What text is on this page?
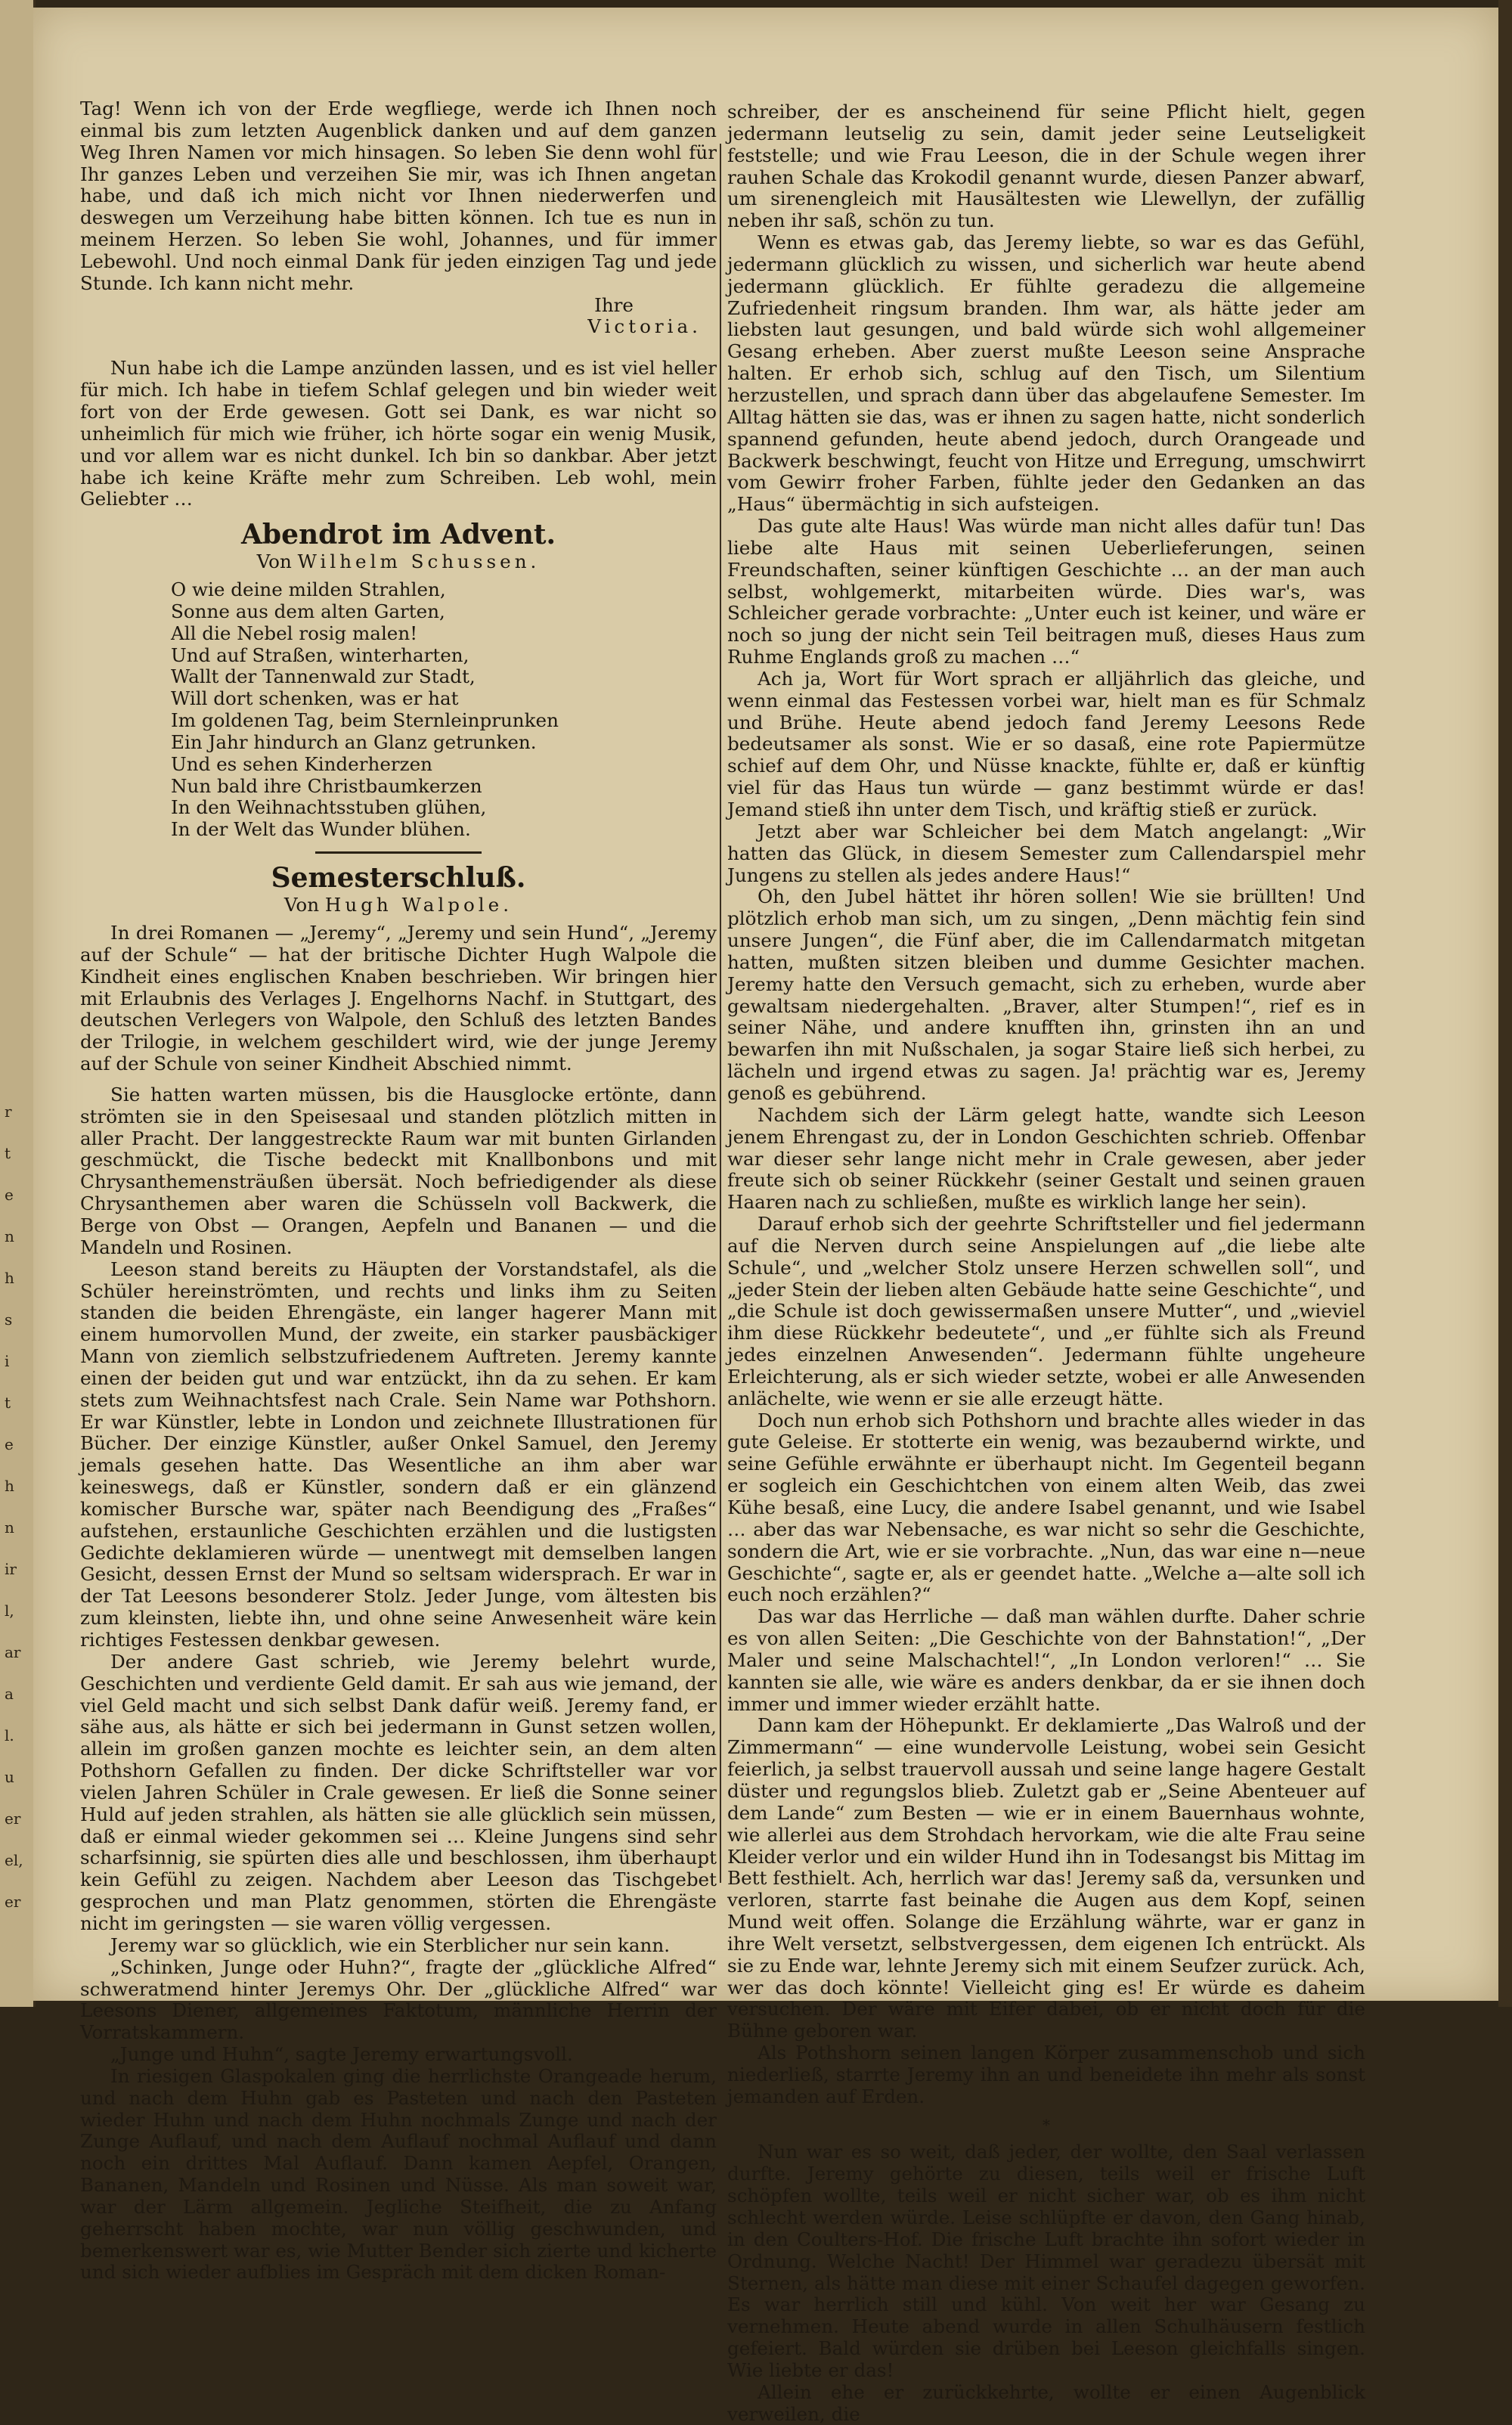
r
t
e
n
h
s
i
t
e
h
n
ir
l,
ar
a
l.
u
er
el,
er

Tag! Wenn ich von der Erde wegfliege, werde ich Ihnen noch einmal bis zum letzten Augenblick danken und auf dem ganzen Weg Ihren Namen vor mich hinsagen. So leben Sie denn wohl für Ihr ganzes Leben und verzeihen Sie mir, was ich Ihnen angetan habe, und daß ich mich nicht vor Ihnen niederwerfen und deswegen um Verzeihung habe bitten können. Ich tue es nun in meinem Herzen. So leben Sie wohl, Johannes, und für immer Lebewohl. Und noch einmal Dank für jeden einzigen Tag und jede Stunde. Ich kann nicht mehr.

Ihre
Victoria.

Nun habe ich die Lampe anzünden lassen, und es ist viel heller für mich. Ich habe in tiefem Schlaf gelegen und bin wieder weit fort von der Erde gewesen. Gott sei Dank, es war nicht so unheimlich für mich wie früher, ich hörte sogar ein wenig Musik, und vor allem war es nicht dunkel. Ich bin so dankbar. Aber jetzt habe ich keine Kräfte mehr zum Schreiben. Leb wohl, mein Geliebter …

Abendrot im Advent.
Von Wilhelm Schussen.
O wie deine milden Strahlen,
Sonne aus dem alten Garten,
All die Nebel rosig malen!
Und auf Straßen, winterharten,
Wallt der Tannenwald zur Stadt,
Will dort schenken, was er hat
Im goldenen Tag, beim Sternleinprunken
Ein Jahr hindurch an Glanz getrunken.
Und es sehen Kinderherzen
Nun bald ihre Christbaumkerzen
In den Weihnachtsstuben glühen,
In der Welt das Wunder blühen.
Semesterschluß.
Von Hugh Walpole.

In drei Romanen — „Jeremy“, „Jeremy und sein Hund“, „Jeremy auf der Schule“ — hat der britische Dichter Hugh Walpole die Kindheit eines englischen Knaben beschrieben. Wir bringen hier mit Erlaubnis des Verlages J. Engelhorns Nachf. in Stuttgart, des deutschen Verlegers von Walpole, den Schluß des letzten Bandes der Trilogie, in welchem geschildert wird, wie der junge Jeremy auf der Schule von seiner Kindheit Abschied nimmt.

Sie hatten warten müssen, bis die Hausglocke ertönte, dann strömten sie in den Speisesaal und standen plötzlich mitten in aller Pracht. Der langgestreckte Raum war mit bunten Girlanden geschmückt, die Tische bedeckt mit Knallbonbons und mit Chrysanthemensträußen übersät. Noch befriedigender als diese Chrysanthemen aber waren die Schüsseln voll Backwerk, die Berge von Obst — Orangen, Aepfeln und Bananen — und die Mandeln und Rosinen.

Leeson stand bereits zu Häupten der Vorstandstafel, als die Schüler hereinströmten, und rechts und links ihm zu Seiten standen die beiden Ehrengäste, ein langer hagerer Mann mit einem humorvollen Mund, der zweite, ein starker pausbäckiger Mann von ziemlich selbstzufriedenem Auftreten. Jeremy kannte einen der beiden gut und war entzückt, ihn da zu sehen. Er kam stets zum Weihnachtsfest nach Crale. Sein Name war Pothshorn. Er war Künstler, lebte in London und zeichnete Illustrationen für Bücher. Der einzige Künstler, außer Onkel Samuel, den Jeremy jemals gesehen hatte. Das Wesentliche an ihm aber war keineswegs, daß er Künstler, sondern daß er ein glänzend komischer Bursche war, später nach Beendigung des „Fraßes“ aufstehen, erstaunliche Geschichten erzählen und die lustigsten Gedichte deklamieren würde — unentwegt mit demselben langen Gesicht, dessen Ernst der Mund so seltsam widersprach. Er war in der Tat Leesons besonderer Stolz. Jeder Junge, vom ältesten bis zum kleinsten, liebte ihn, und ohne seine Anwesenheit wäre kein richtiges Festessen denkbar gewesen.

Der andere Gast schrieb, wie Jeremy belehrt wurde, Geschichten und verdiente Geld damit. Er sah aus wie jemand, der viel Geld macht und sich selbst Dank dafür weiß. Jeremy fand, er sähe aus, als hätte er sich bei jedermann in Gunst setzen wollen, allein im großen ganzen mochte es leichter sein, an dem alten Pothshorn Gefallen zu finden. Der dicke Schriftsteller war vor vielen Jahren Schüler in Crale gewesen. Er ließ die Sonne seiner Huld auf jeden strahlen, als hätten sie alle glücklich sein müssen, daß er einmal wieder gekommen sei … Kleine Jungens sind sehr scharfsinnig, sie spürten dies alle und beschlossen, ihm überhaupt kein Gefühl zu zeigen. Nachdem aber Leeson das Tischgebet gesprochen und man Platz genommen, störten die Ehrengäste nicht im geringsten — sie waren völlig vergessen.

Jeremy war so glücklich, wie ein Sterblicher nur sein kann.

„Schinken, Junge oder Huhn?“, fragte der „glückliche Alfred“ schweratmend hinter Jeremys Ohr. Der „glückliche Alfred“ war Leesons Diener, allgemeines Faktotum, männliche Herrin der Vorratskammern.

„Junge und Huhn“, sagte Jeremy erwartungsvoll.

In riesigen Glaspokalen ging die herrlichste Orangeade herum, und nach dem Huhn gab es Pasteten und nach den Pasteten wieder Huhn und nach dem Huhn nochmals Zunge und nach der Zunge Auflauf, und nach dem Auflauf nochmal Auflauf und dann noch ein drittes Mal Auflauf. Dann kamen Aepfel, Orangen, Bananen, Mandeln und Rosinen und Nüsse. Als man soweit war, war der Lärm allgemein. Jegliche Steifheit, die zu Anfang geherrscht haben mochte, war nun völlig geschwunden, und bemerkenswert war es, wie Mutter Bender sich zierte und kicherte und sich wieder aufblies im Gespräch mit dem dicken Roman-

schreiber, der es anscheinend für seine Pflicht hielt, gegen jedermann leutselig zu sein, damit jeder seine Leutseligkeit feststelle; und wie Frau Leeson, die in der Schule wegen ihrer rauhen Schale das Krokodil genannt wurde, diesen Panzer abwarf, um sirenengleich mit Hausältesten wie Llewellyn, der zufällig neben ihr saß, schön zu tun.

Wenn es etwas gab, das Jeremy liebte, so war es das Gefühl, jedermann glücklich zu wissen, und sicherlich war heute abend jedermann glücklich. Er fühlte geradezu die allgemeine Zufriedenheit ringsum branden. Ihm war, als hätte jeder am liebsten laut gesungen, und bald würde sich wohl allgemeiner Gesang erheben. Aber zuerst mußte Leeson seine Ansprache halten. Er erhob sich, schlug auf den Tisch, um Silentium herzustellen, und sprach dann über das abgelaufene Semester. Im Alltag hätten sie das, was er ihnen zu sagen hatte, nicht sonderlich spannend gefunden, heute abend jedoch, durch Orangeade und Backwerk beschwingt, feucht von Hitze und Erregung, umschwirrt vom Gewirr froher Farben, fühlte jeder den Gedanken an das „Haus“ übermächtig in sich aufsteigen.

Das gute alte Haus! Was würde man nicht alles dafür tun! Das liebe alte Haus mit seinen Ueberlieferungen, seinen Freundschaften, seiner künftigen Geschichte … an der man auch selbst, wohlgemerkt, mitarbeiten würde. Dies war's, was Schleicher gerade vorbrachte: „Unter euch ist keiner, und wäre er noch so jung der nicht sein Teil beitragen muß, dieses Haus zum Ruhme Englands groß zu machen …“

Ach ja, Wort für Wort sprach er alljährlich das gleiche, und wenn einmal das Festessen vorbei war, hielt man es für Schmalz und Brühe. Heute abend jedoch fand Jeremy Leesons Rede bedeutsamer als sonst. Wie er so dasaß, eine rote Papiermütze schief auf dem Ohr, und Nüsse knackte, fühlte er, daß er künftig viel für das Haus tun würde — ganz bestimmt würde er das! Jemand stieß ihn unter dem Tisch, und kräftig stieß er zurück.

Jetzt aber war Schleicher bei dem Match angelangt: „Wir hatten das Glück, in diesem Semester zum Callendarspiel mehr Jungens zu stellen als jedes andere Haus!“

Oh, den Jubel hättet ihr hören sollen! Wie sie brüllten! Und plötzlich erhob man sich, um zu singen, „Denn mächtig fein sind unsere Jungen“, die Fünf aber, die im Callendarmatch mitgetan hatten, mußten sitzen bleiben und dumme Gesichter machen. Jeremy hatte den Versuch gemacht, sich zu erheben, wurde aber gewaltsam niedergehalten. „Braver, alter Stumpen!“, rief es in seiner Nähe, und andere knufften ihn, grinsten ihn an und bewarfen ihn mit Nußschalen, ja sogar Staire ließ sich herbei, zu lächeln und irgend etwas zu sagen. Ja! prächtig war es, Jeremy genoß es gebührend.

Nachdem sich der Lärm gelegt hatte, wandte sich Leeson jenem Ehrengast zu, der in London Geschichten schrieb. Offenbar war dieser sehr lange nicht mehr in Crale gewesen, aber jeder freute sich ob seiner Rückkehr (seiner Gestalt und seinen grauen Haaren nach zu schließen, mußte es wirklich lange her sein).

Darauf erhob sich der geehrte Schriftsteller und fiel jedermann auf die Nerven durch seine Anspielungen auf „die liebe alte Schule“, und „welcher Stolz unsere Herzen schwellen soll“, und „jeder Stein der lieben alten Gebäude hatte seine Geschichte“, und „die Schule ist doch gewissermaßen unsere Mutter“, und „wieviel ihm diese Rückkehr bedeutete“, und „er fühlte sich als Freund jedes einzelnen Anwesenden“. Jedermann fühlte ungeheure Erleichterung, als er sich wieder setzte, wobei er alle Anwesenden anlächelte, wie wenn er sie alle erzeugt hätte.

Doch nun erhob sich Pothshorn und brachte alles wieder in das gute Geleise. Er stotterte ein wenig, was bezaubernd wirkte, und seine Gefühle erwähnte er überhaupt nicht. Im Gegenteil begann er sogleich ein Geschichtchen von einem alten Weib, das zwei Kühe besaß, eine Lucy, die andere Isabel genannt, und wie Isabel … aber das war Nebensache, es war nicht so sehr die Geschichte, sondern die Art, wie er sie vorbrachte. „Nun, das war eine n—neue Geschichte“, sagte er, als er geendet hatte. „Welche a—alte soll ich euch noch erzählen?“

Das war das Herrliche — daß man wählen durfte. Daher schrie es von allen Seiten: „Die Geschichte von der Bahnstation!“, „Der Maler und seine Malschachtel!“, „In London verloren!“ … Sie kannten sie alle, wie wäre es anders denkbar, da er sie ihnen doch immer und immer wieder erzählt hatte.

Dann kam der Höhepunkt. Er deklamierte „Das Walroß und der Zimmermann“ — eine wundervolle Leistung, wobei sein Gesicht feierlich, ja selbst trauervoll aussah und seine lange hagere Gestalt düster und regungslos blieb. Zuletzt gab er „Seine Abenteuer auf dem Lande“ zum Besten — wie er in einem Bauernhaus wohnte, wie allerlei aus dem Strohdach hervorkam, wie die alte Frau seine Kleider verlor und ein wilder Hund ihn in Todesangst bis Mittag im Bett festhielt. Ach, herrlich war das! Jeremy saß da, versunken und verloren, starrte fast beinahe die Augen aus dem Kopf, seinen Mund weit offen. Solange die Erzählung währte, war er ganz in ihre Welt versetzt, selbstvergessen, dem eigenen Ich entrückt. Als sie zu Ende war, lehnte Jeremy sich mit einem Seufzer zurück. Ach, wer das doch könnte! Vielleicht ging es! Er würde es daheim versuchen. Der wäre mit Eifer dabei, ob er nicht doch für die Bühne geboren war.

Als Pothshorn seinen langen Körper zusammenschob und sich niederließ, starrte Jeremy ihn an und beneidete ihn mehr als sonst jemanden auf Erden.

*

Nun war es so weit, daß jeder, der wollte, den Saal verlassen durfte. Jeremy gehörte zu diesen, teils weil er frische Luft schöpfen wollte, teils weil er nicht sicher war, ob es ihm nicht schlecht werden würde. Leise schlüpfte er davon, den Gang hinab, in den Coulters-Hof. Die frische Luft brachte ihn sofort wieder in Ordnung. Welche Nacht! Der Himmel war geradezu übersät mit Sternen, als hätte man diese mit einer Schaufel dagegen geworfen. Es war herrlich still und kühl. Von weit her war Gesang zu vernehmen. Heute abend wurde in allen Schulhäusern festlich gefeiert. Bald würden sie drüben bei Leeson gleichfalls singen. Wie liebte er das!

Allein ehe er zurückkehrte, wollte er einen Augenblick verweilen, die
